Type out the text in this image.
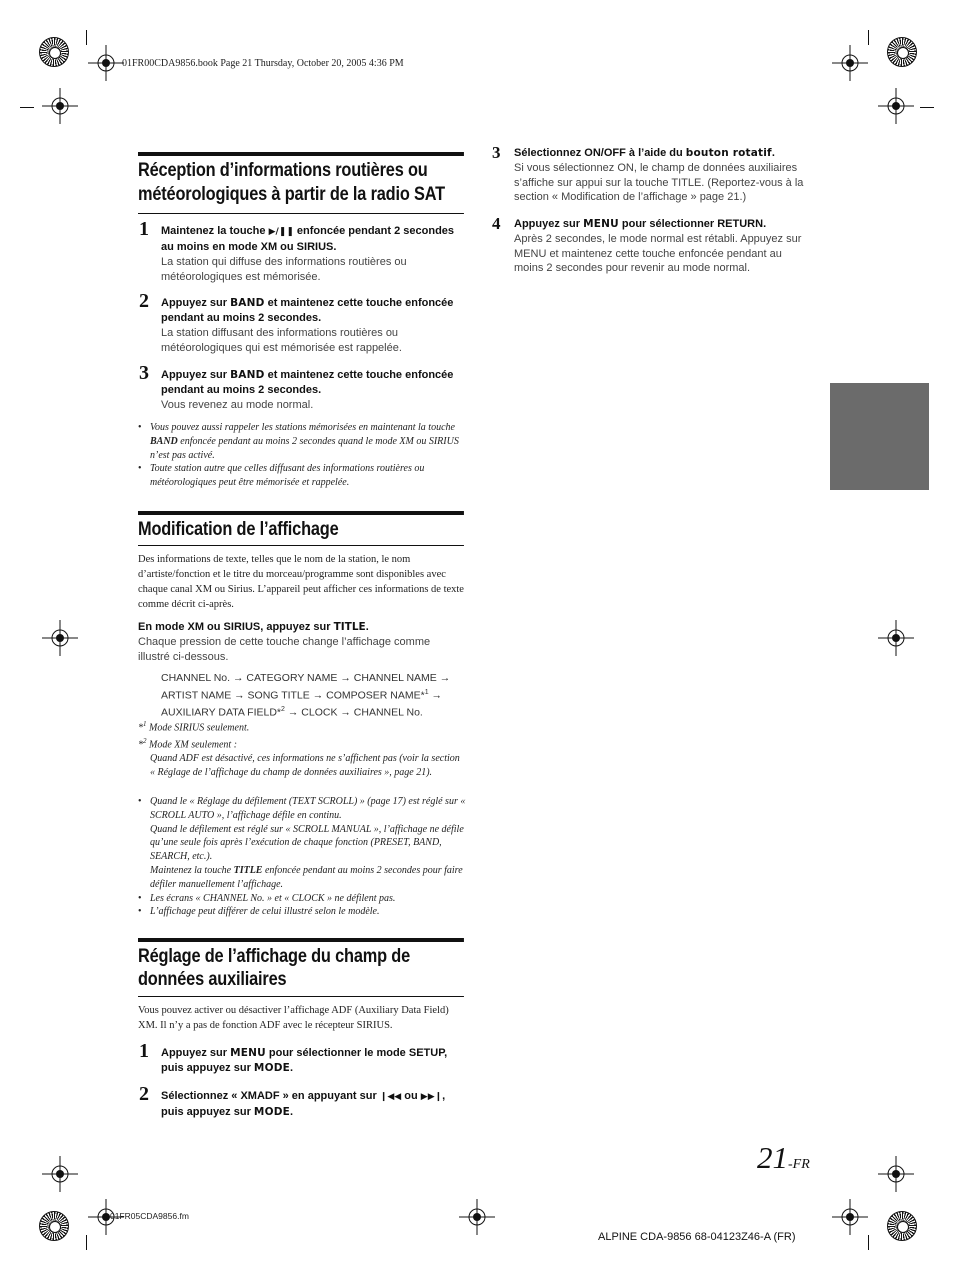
01FR00CDA9856.book Page 21 Thursday, October 20, 2005 4:36 PM
Réception d’informations routières ou météorologiques à partir de la radio SAT
1 Maintenez la touche ▶/❚❚ enfoncée pendant 2 secondes au moins en mode XM ou SIRIUS.
La station qui diffuse des informations routières ou météorologiques est mémorisée.
2 Appuyez sur BAND et maintenez cette touche enfoncée pendant au moins 2 secondes.
La station diffusant des informations routières ou météorologiques qui est mémorisée est rappelée.
3 Appuyez sur BAND et maintenez cette touche enfoncée pendant au moins 2 secondes.
Vous revenez au mode normal.
• Vous pouvez aussi rappeler les stations mémorisées en maintenant la touche BAND enfoncée pendant au moins 2 secondes quand le mode XM ou SIRIUS n’est pas activé.
• Toute station autre que celles diffusant des informations routières ou météorologiques peut être mémorisée et rappelée.
Modification de l’affichage
Des informations de texte, telles que le nom de la station, le nom d’artiste/fonction et le titre du morceau/programme sont disponibles avec chaque canal XM ou Sirius. L’appareil peut afficher ces informations de texte comme décrit ci-après.
En mode XM ou SIRIUS, appuyez sur TITLE.
Chaque pression de cette touche change l’affichage comme illustré ci-dessous.
CHANNEL No. → CATEGORY NAME → CHANNEL NAME →
ARTIST NAME → SONG TITLE → COMPOSER NAME*$^1$ →
AUXILIARY DATA FIELD*$^2$ → CLOCK → CHANNEL No.
*$^1$ Mode SIRIUS seulement.
*$^2$ Mode XM seulement :
Quand ADF est désactivé, ces informations ne s’affichent pas (voir la section « Réglage de l’affichage du champ de données auxiliaires », page 21).
• Quand le « Réglage du défilement (TEXT SCROLL) » (page 17) est réglé sur « SCROLL AUTO », l’affichage défile en continu.
Quand le défilement est réglé sur « SCROLL MANUAL », l’affichage ne défile qu’une seule fois après l’exécution de chaque fonction (PRESET, BAND, SEARCH, etc.).
Maintenez la touche TITLE enfoncée pendant au moins 2 secondes pour faire défiler manuellement l’affichage.
• Les écrans « CHANNEL No. » et « CLOCK » ne défilent pas.
• L’affichage peut différer de celui illustré selon le modèle.
Réglage de l’affichage du champ de données auxiliaires
Vous pouvez activer ou désactiver l’affichage ADF (Auxiliary Data Field) XM. Il n’y a pas de fonction ADF avec le récepteur SIRIUS.
1 Appuyez sur MENU pour sélectionner le mode SETUP, puis appuyez sur MODE.
2 Sélectionnez « XMADF » en appuyant sur ❙◀◀ ou ▶▶❙, puis appuyez sur MODE.
3 Sélectionnez ON/OFF à l’aide du bouton rotatif.
Si vous sélectionnez ON, le champ de données auxiliaires s’affiche sur appui sur la touche TITLE. (Reportez-vous à la section « Modification de l’affichage » page 21.)
4 Appuyez sur MENU pour sélectionner RETURN.
Après 2 secondes, le mode normal est rétabli. Appuyez sur MENU et maintenez cette touche enfoncée pendant au moins 2 secondes pour revenir au mode normal.
21-FR
01FR05CDA9856.fm
ALPINE CDA-9856 68-04123Z46-A (FR)
